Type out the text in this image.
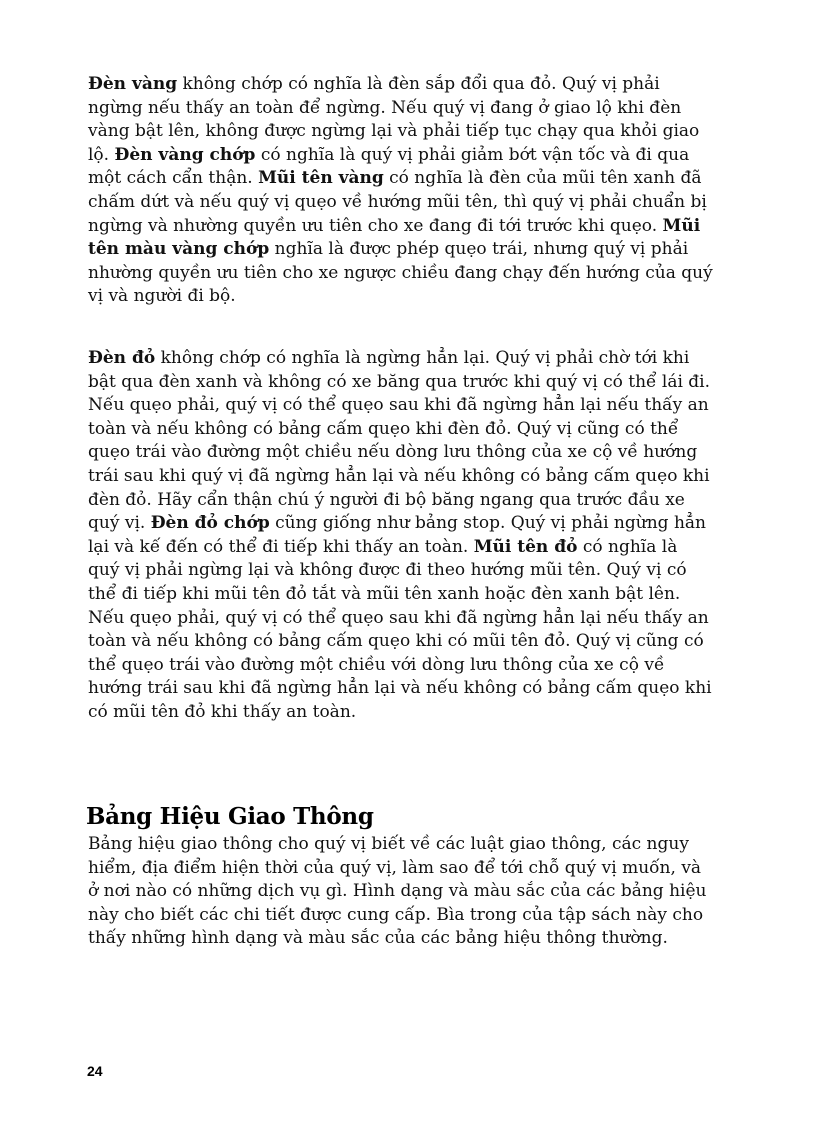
Đèn vàng không chớp có nghĩa là đèn sắp đổi qua đỏ. Quý vị phải ngừng nếu thấy an toàn để ngừng. Nếu quý vị đang ở giao lộ khi đèn vàng bật lên, không được ngừng lại và phải tiếp tục chạy qua khỏi giao lộ. Đèn vàng chớp có nghĩa là quý vị phải giảm bớt vận tốc và đi qua một cách cẩn thận. Mũi tên vàng có nghĩa là đèn của mũi tên xanh đã chấm dứt và nếu quý vị quẹo về hướng mũi tên, thì quý vị phải chuẩn bị ngừng và nhường quyền ưu tiên cho xe đang đi tới trước khi quẹo. Mũi tên màu vàng chớp nghĩa là được phép quẹo trái, nhưng quý vị phải nhường quyền ưu tiên cho xe ngược chiều đang chạy đến hướng của quý vị và người đi bộ.

Đèn đỏ không chớp có nghĩa là ngừng hẳn lại. Quý vị phải chờ tới khi bật qua đèn xanh và không có xe băng qua trước khi quý vị có thể lái đi. Nếu quẹo phải, quý vị có thể quẹo sau khi đã ngừng hẳn lại nếu thấy an toàn và nếu không có bảng cấm quẹo khi đèn đỏ. Quý vị cũng có thể quẹo trái vào đường một chiều nếu dòng lưu thông của xe cộ về hướng trái sau khi quý vị đã ngừng hẳn lại và nếu không có bảng cấm quẹo khi đèn đỏ. Hãy cẩn thận chú ý người đi bộ băng ngang qua trước đầu xe quý vị. Đèn đỏ chớp cũng giống như bảng stop. Quý vị phải ngừng hẳn lại và kế đến có thể đi tiếp khi thấy an toàn. Mũi tên đỏ có nghĩa là quý vị phải ngừng lại và không được đi theo hướng mũi tên. Quý vị có thể đi tiếp khi mũi tên đỏ tắt và mũi tên xanh hoặc đèn xanh bật lên. Nếu quẹo phải, quý vị có thể quẹo sau khi đã ngừng hẳn lại nếu thấy an toàn và nếu không có bảng cấm quẹo khi có mũi tên đỏ. Quý vị cũng có thể quẹo trái vào đường một chiều với dòng lưu thông của xe cộ về hướng trái sau khi đã ngừng hẳn lại và nếu không có bảng cấm quẹo khi có mũi tên đỏ khi thấy an toàn.

Bảng Hiệu Giao Thông

Bảng hiệu giao thông cho quý vị biết về các luật giao thông, các nguy hiểm, địa điểm hiện thời của quý vị, làm sao để tới chỗ quý vị muốn, và ở nơi nào có những dịch vụ gì. Hình dạng và màu sắc của các bảng hiệu này cho biết các chi tiết được cung cấp. Bìa trong của tập sách này cho thấy những hình dạng và màu sắc của các bảng hiệu thông thường.

24
